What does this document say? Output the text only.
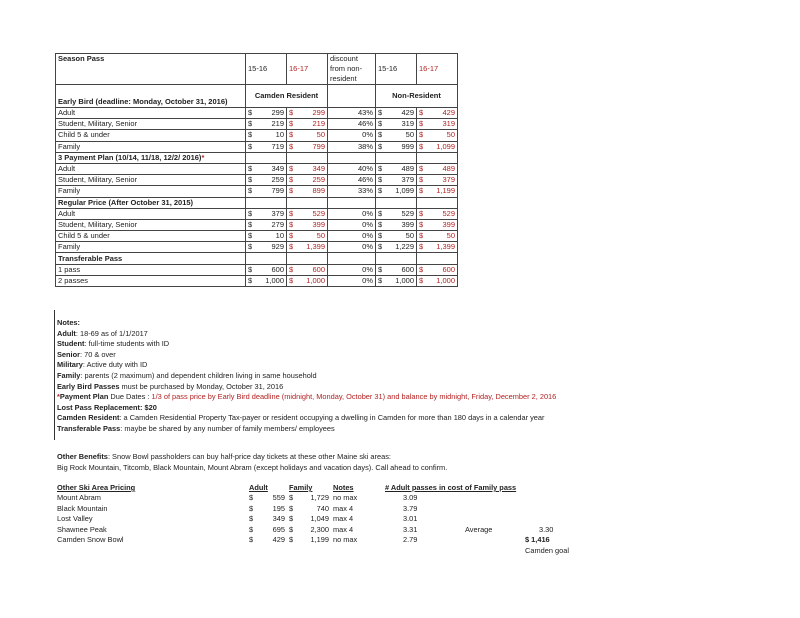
Season Pass	15-16	16-17	discount from non-resident	15-16	16-17
Early Bird (deadline: Monday, October 31, 2016)	Camden Resident			Non-Resident	
Adult	$ 299	$ 299	43%	$ 429	$ 429

Student, Military, Senior	$ 219	$ 219	46%	$ 319	$ 319

Child 5 & under	$ 10	$ 50	0%	$ 50	$ 50

Family	$ 719	$ 799	38%	$ 999	$ 1,099

3 Payment Plan (10/14, 11/18, 12/2/ 2016)*					
Adult	$ 349	$ 349	40%	$ 489	$ 489

Student, Military, Senior	$ 259	$ 259	46%	$ 379	$ 379

Family	$ 799	$ 899	33%	$ 1,099	$ 1,199

Regular Price (After October 31, 2015)					
Adult	$ 379	$ 529	0%	$ 529	$ 529

Student, Military, Senior	$ 279	$ 399	0%	$ 399	$ 399

Child 5 & under	$ 10	$ 50	0%	$ 50	$ 50

Family	$ 929	$ 1,399	0%	$ 1,229	$ 1,399

Transferable Pass					
1 pass	$ 600	$ 600	0%	$ 600	$ 600

2 passes	$ 1,000	$ 1,000	0%	$ 1,000	$ 1,000
Notes:
Adult: 18-69 as of 1/1/2017
Student: full-time students with ID
Senior: 70 & over
Military: Active duty with ID
Family: parents (2 maximum) and dependent children living in same household
Early Bird Passes must be purchased by Monday, October 31, 2016
*Payment Plan Due Dates : 1/3 of pass price by Early Bird deadline (midnight, Monday, October 31) and balance by midnight, Friday, December 2, 2016
Lost Pass Replacement: $20
Camden Resident: a Camden Residential Property Tax-payer or resident occupying a dwelling in Camden for more than 180 days in a calendar year
Transferable Pass: maybe be shared by any number of family members/ employees
Other Benefits: Snow Bowl passholders can buy half-price day tickets at these other Maine ski areas:
Big Rock Mountain, Titcomb, Black Mountain, Mount Abram (except holidays and vacation days). Call ahead to confirm.
Other Ski Area Pricing	Adult	Family	Notes	# Adult passes in cost of Family pass		
Mount Abram	$ 559	$ 1,729	no max	3.09		
Black Mountain	$ 195	$ 740	max 4	3.79		
Lost Valley	$ 349	$ 1,049	max 4	3.01		
Shawnee Peak	$ 695	$ 2,300	max 4	3.31	Average	3.30
Camden Snow Bowl	$ 429	$ 1,199	no max	2.79		$ 1,416
						Camden goal
